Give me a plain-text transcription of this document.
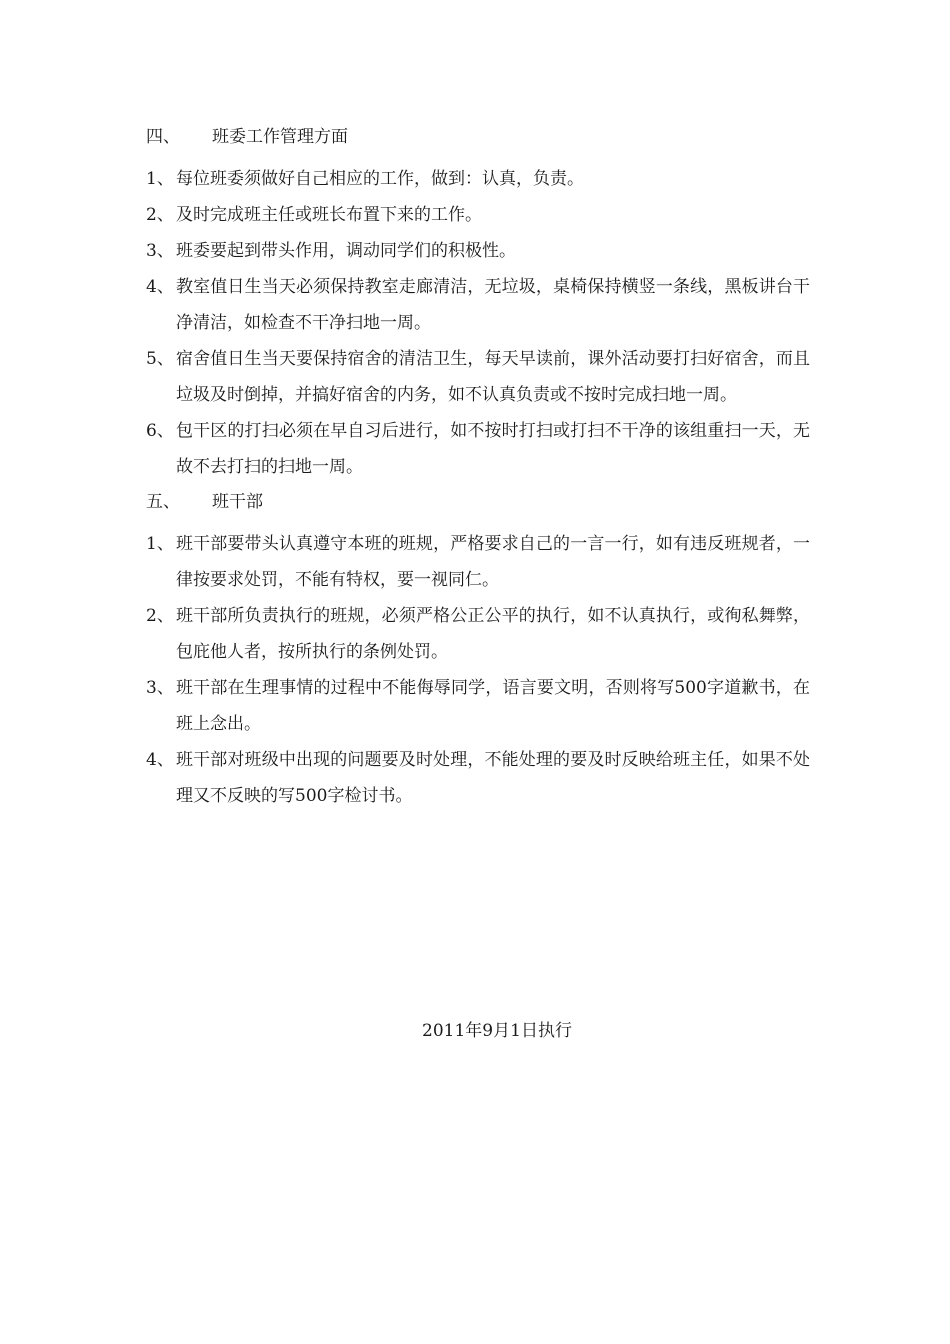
四、	班委工作管理方面
1、 每位班委须做好自己相应的工作，做到：认真，负责。
2、 及时完成班主任或班长布置下来的工作。
3、 班委要起到带头作用，调动同学们的积极性。
4、 教室值日生当天必须保持教室走廊清洁，无垃圾，桌椅保持横竖一条线，黑板讲台干净清洁，如检查不干净扫地一周。
5、 宿舍值日生当天要保持宿舍的清洁卫生，每天早读前，课外活动要打扫好宿舍，而且垃圾及时倒掉，并搞好宿舍的内务，如不认真负责或不按时完成扫地一周。
6、 包干区的打扫必须在早自习后进行，如不按时打扫或打扫不干净的该组重扫一天，无故不去打扫的扫地一周。
五、	班干部
1、 班干部要带头认真遵守本班的班规，严格要求自己的一言一行，如有违反班规者，一律按要求处罚，不能有特权，要一视同仁。
2、 班干部所负责执行的班规，必须严格公正公平的执行，如不认真执行，或徇私舞弊，包庇他人者，按所执行的条例处罚。
3、 班干部在生理事情的过程中不能侮辱同学，语言要文明，否则将写500字道歉书，在班上念出。
4、 班干部对班级中出现的问题要及时处理，不能处理的要及时反映给班主任，如果不处理又不反映的写500字检讨书。
2011年9月1日执行
